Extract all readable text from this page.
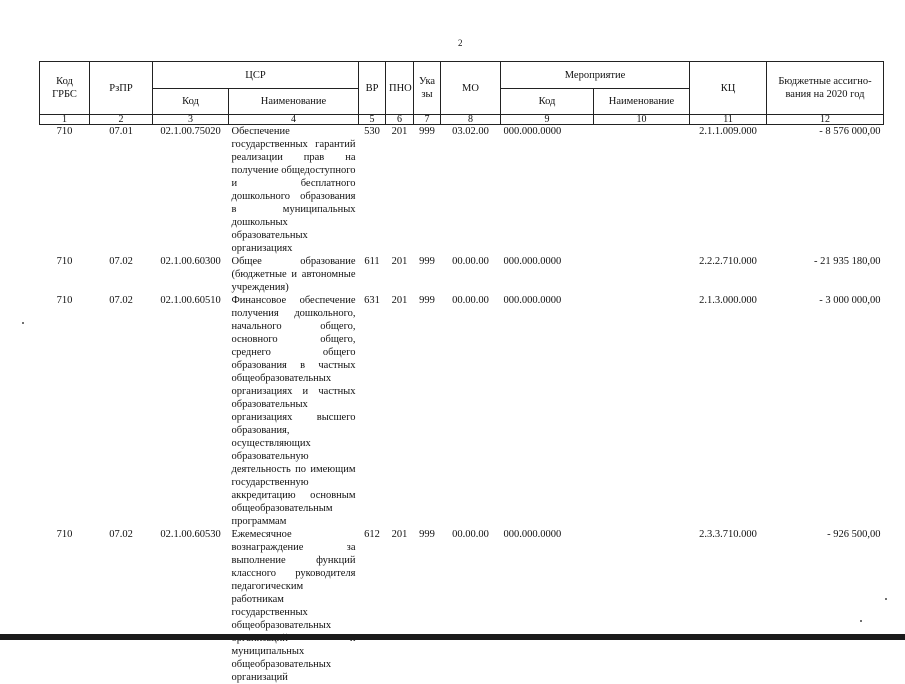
2
Код ГРБС	РзПР	ЦСР		ВР	ПНО	Ука зы	МО	Мероприятие		КЦ	Бюджетные ассигно-вания на 2020 год
		Код	Наименование					Код	Наименование		
1	2	3	4	5	6	7	8	9	10	11	12
710	07.01	02.1.00.75020	Обеспечение государственных гарантий реализации прав на получение общедоступного и бесплатного дошкольного образования в муниципальных дошкольных образовательных организациях	530	201	999	03.02.00	000.000.0000		2.1.1.009.000	- 8 576 000,00
710	07.02	02.1.00.60300	Общее образование (бюджетные и автономные учреждения)	611	201	999	00.00.00	000.000.0000		2.2.2.710.000	- 21 935 180,00
710	07.02	02.1.00.60510	Финансовое обеспечение получения дошкольного, начального общего, основного общего, среднего общего образования в частных общеобразовательных организациях и частных образовательных организациях высшего образования, осуществляющих образовательную деятельность по имеющим государственную аккредитацию основным общеобразовательным программам	631	201	999	00.00.00	000.000.0000		2.1.3.000.000	- 3 000 000,00
710	07.02	02.1.00.60530	Ежемесячное вознаграждение за выполнение функций классного руководителя педагогическим работникам государственных общеобразовательных муниципальных общеобразовательных организаций	612	201	999	00.00.00	000.000.0000		2.3.3.710.000	- 926 500,00
